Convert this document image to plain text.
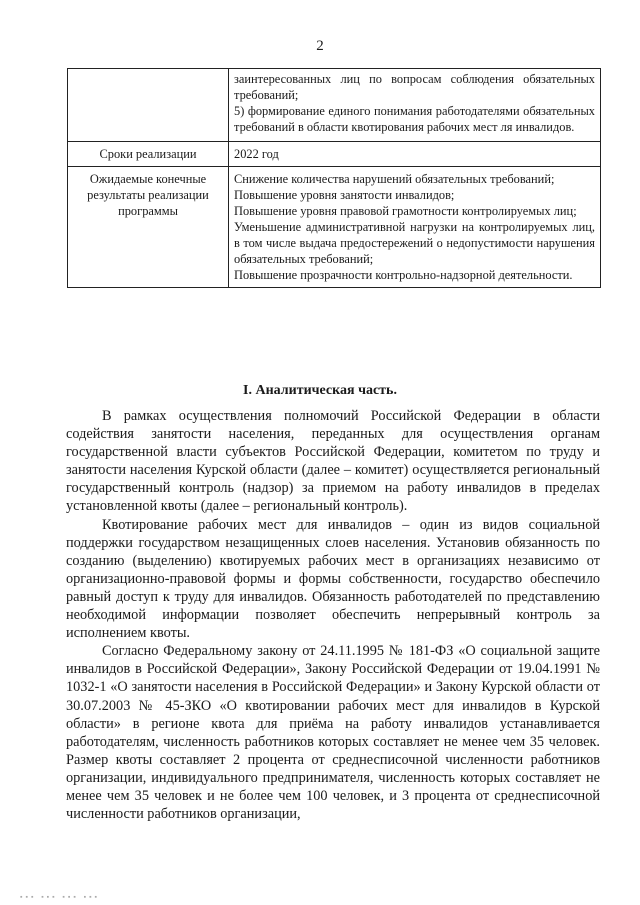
2

	заинтересованных лиц по вопросам соблюдения обязательных требований;

5) формирование единого понимания работодателями обязательных требований в области квотирования рабочих мест ля инвалидов.

Сроки реализации	2022 год

Ожидаемые конечные результаты реализации программы	Снижение количества нарушений обязательных требований;

Повышение уровня занятости инвалидов;

Повышение уровня правовой грамотности контролируемых лиц;

Уменьшение административной нагрузки на контролируемых лиц, в том числе выдача предостережений о недопустимости нарушения обязательных требований;

Повышение прозрачности контрольно-надзорной деятельности.

I. Аналитическая часть.

В рамках осуществления полномочий Российской Федерации в области содействия занятости населения, переданных для осуществления органам государственной власти субъектов Российской Федерации, комитетом по труду и занятости населения Курской области (далее – комитет) осуществляется региональный государственный контроль (надзор) за приемом на работу инвалидов в пределах установленной квоты (далее – региональный контроль).

Квотирование рабочих мест для инвалидов – один из видов социальной поддержки государством незащищенных слоев населения. Установив обязанность по созданию (выделению) квотируемых рабочих мест в организациях независимо от организационно-правовой формы и формы собственности, государство обеспечило равный доступ к труду для инвалидов. Обязанность работодателей по представлению необходимой информации позволяет обеспечить непрерывный контроль за исполнением квоты.

Согласно Федеральному закону от 24.11.1995 № 181-ФЗ «О социальной защите инвалидов в Российской Федерации», Закону Российской Федерации от 19.04.1991 № 1032-1 «О занятости населения в Российской Федерации» и Закону Курской области от 30.07.2003 № 45-ЗКО «О квотировании рабочих мест для инвалидов в Курской области» в регионе квота для приёма на работу инвалидов устанавливается работодателям, численность работников которых составляет не менее чем 35 человек. Размер квоты составляет 2 процента от среднесписочной численности работников организации, индивидуального предпринимателя, численность которых составляет не менее чем 35 человек и не более чем 100 человек, и 3 процента от среднесписочной численности работников организации,

▪▪▪ ▪▪▪ ▪▪▪ ▪▪▪
